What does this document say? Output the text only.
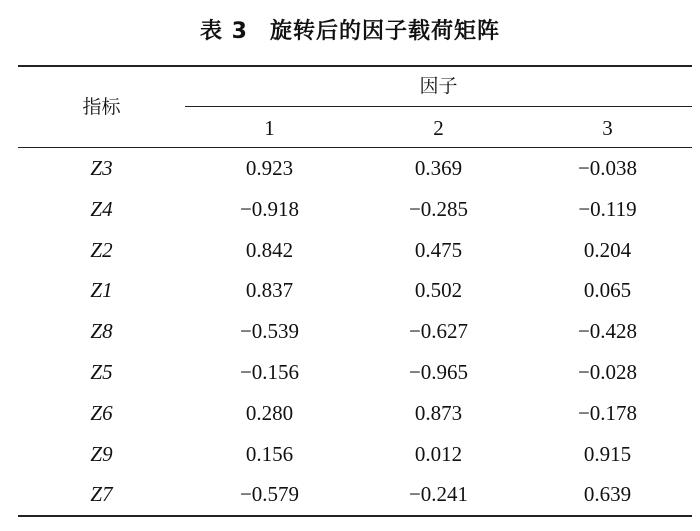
表 3 旋转后的因子载荷矩阵
指标
因子
1	2	3
Z3	0.923	0.369	−0.038
Z4	−0.918	−0.285	−0.119
Z2	0.842	0.475	0.204
Z1	0.837	0.502	0.065
Z8	−0.539	−0.627	−0.428
Z5	−0.156	−0.965	−0.028
Z6	0.280	0.873	−0.178
Z9	0.156	0.012	0.915
Z7	−0.579	−0.241	0.639
